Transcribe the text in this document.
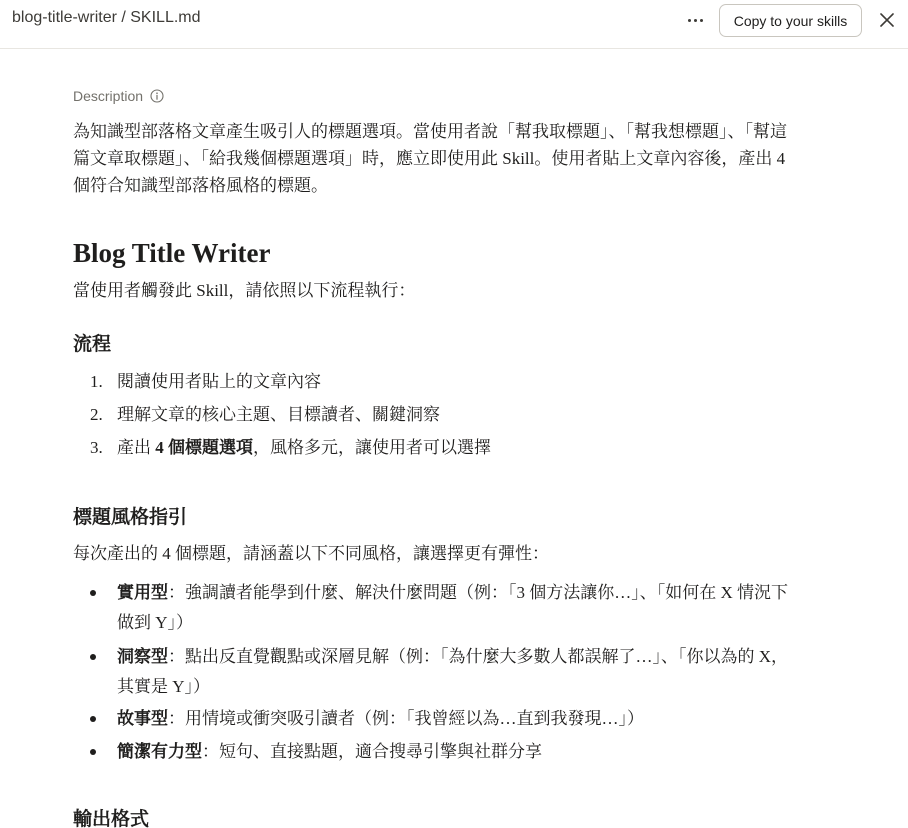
blog-title-writer / SKILL.md	Copy to your skills
Description
為知識型部落格文章產生吸引人的標題選項。當使用者說「幫我取標題」、「幫我想標題」、「幫這
篇文章取標題」、「給我幾個標題選項」時，應立即使用此 Skill。使用者貼上文章內容後，產出 4
個符合知識型部落格風格的標題。
Blog Title Writer
當使用者觸發此 Skill，請依照以下流程執行：
流程
1. 閱讀使用者貼上的文章內容
2. 理解文章的核心主題、目標讀者、關鍵洞察
3. 產出 4 個標題選項，風格多元，讓使用者可以選擇
標題風格指引
每次產出的 4 個標題，請涵蓋以下不同風格，讓選擇更有彈性：
實用型：強調讀者能學到什麼、解決什麼問題（例：「3 個方法讓你…」、「如何在 X 情況下
做到 Y」）
洞察型：點出反直覺觀點或深層見解（例：「為什麼大多數人都誤解了…」、「你以為的 X，
其實是 Y」）
故事型：用情境或衝突吸引讀者（例：「我曾經以為…直到我發現…」）
簡潔有力型：短句、直接點題，適合搜尋引擎與社群分享
輸出格式
